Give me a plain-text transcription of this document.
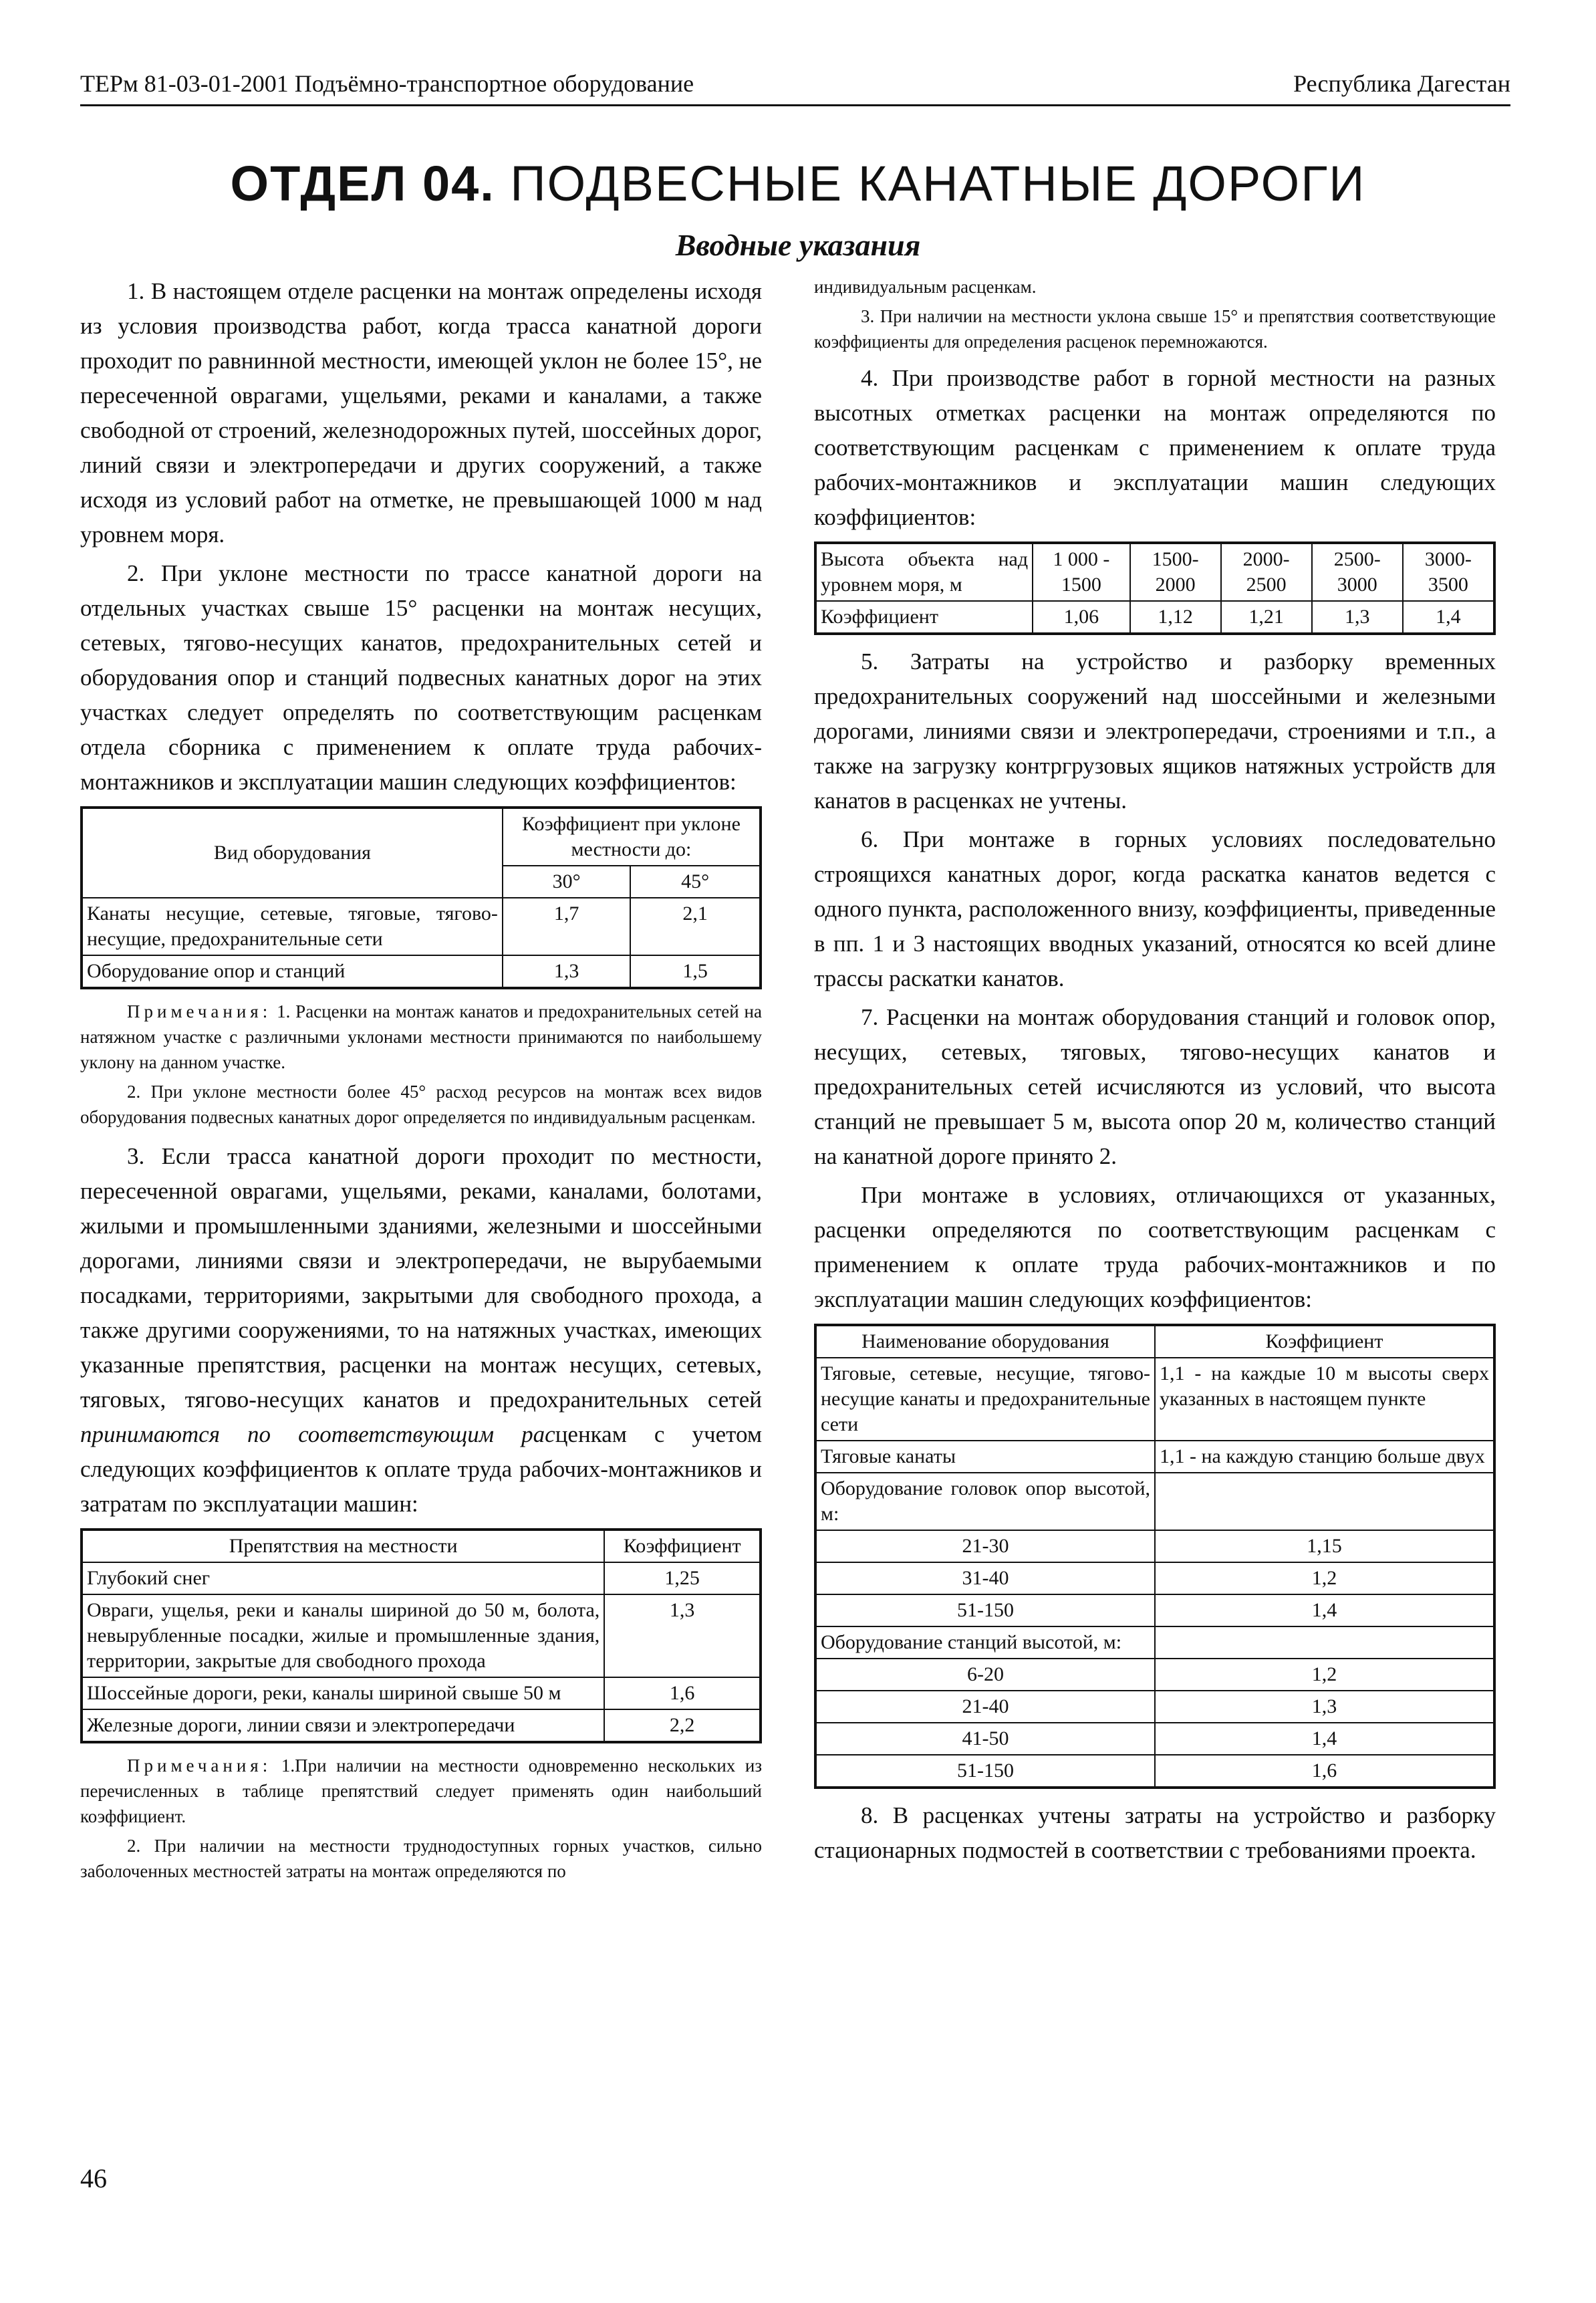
ТЕРм 81-03-01-2001 Подъёмно-транспортное оборудование	Республика Дагестан
ОТДЕЛ 04. ПОДВЕСНЫЕ КАНАТНЫЕ ДОРОГИ
Вводные указания

1. В настоящем отделе расценки на монтаж определены исходя из условия производства работ, когда трасса канатной дороги проходит по равнинной местности, имеющей уклон не более 15°, не пересеченной оврагами, ущельями, реками и каналами, а также свободной от строений, железнодорожных путей, шоссейных дорог, линий связи и электропередачи и других сооружений, а также исходя из условий работ на отметке, не превышающей 1000 м над уровнем моря.

2. При уклоне местности по трассе канатной дороги на отдельных участках свыше 15° расценки на монтаж несущих, сетевых, тягово-несущих канатов, предохранительных сетей и оборудования опор и станций подвесных канатных дорог на этих участках следует определять по соответствующим расценкам отдела сборника с применением к оплате труда рабочих-монтажников и эксплуатации машин следующих коэффициентов:

Вид оборудования	Коэффициент при уклоне местности до:	
	30°	45°
Канаты несущие, сетевые, тяговые, тягово-несущие, предохранительные сети	1,7	2,1
Оборудование опор и станций	1,3	1,5
Примечания: 1. Расценки на монтаж канатов и предохранительных сетей на натяжном участке с различными уклонами местности принимаются по наибольшему уклону на данном участке.
2. При уклоне местности более 45° расход ресурсов на монтаж всех видов оборудования подвесных канатных дорог определяется по индивидуальным расценкам.

3. Если трасса канатной дороги проходит по местности, пересеченной оврагами, ущельями, реками, каналами, болотами, жилыми и промышленными зданиями, железными и шоссейными дорогами, линиями связи и электропередачи, не вырубаемыми посадками, территориями, закрытыми для свободного прохода, а также другими сооружениями, то на натяжных участках, имеющих указанные препятствия, расценки на монтаж несущих, сетевых, тяговых, тягово-несущих канатов и предохранительных сетей принимаются по соответствующим расценкам с учетом следующих коэффициентов к оплате труда рабочих-монтажников и затратам по эксплуатации машин:

Препятствия на местности	Коэффициент
Глубокий снег	1,25
Овраги, ущелья, реки и каналы шириной до 50 м, болота, невырубленные посадки, жилые и промышленные здания, территории, закрытые для свободного прохода	1,3
Шоссейные дороги, реки, каналы шириной свыше 50 м	1,6
Железные дороги, линии связи и электропередачи	2,2
Примечания: 1.При наличии на местности одновременно нескольких из перечисленных в таблице препятствий следует применять один наибольший коэффициент.
2. При наличии на местности труднодоступных горных участков, сильно заболоченных местностей затраты на монтаж определяются по
индивидуальным расценкам.
3. При наличии на местности уклона свыше 15° и препятствия соответствующие коэффициенты для определения расценок перемножаются.

4. При производстве работ в горной местности на разных высотных отметках расценки на монтаж определяются по соответствующим расценкам с применением к оплате труда рабочих-монтажников и эксплуатации машин следующих коэффициентов:

Высота объекта над уровнем моря, м	1 000 - 1500	1500- 2000	2000- 2500	2500- 3000	3000- 3500
Коэффициент	1,06	1,12	1,21	1,3	1,4

5. Затраты на устройство и разборку временных предохранительных сооружений над шоссейными и железными дорогами, линиями связи и электропередачи, строениями и т.п., а также на загрузку контргрузовых ящиков натяжных устройств для канатов в расценках не учтены.

6. При монтаже в горных условиях последовательно строящихся канатных дорог, когда раскатка канатов ведется с одного пункта, расположенного внизу, коэффициенты, приведенные в пп. 1 и 3 настоящих вводных указаний, относятся ко всей длине трассы раскатки канатов.

7. Расценки на монтаж оборудования станций и головок опор, несущих, сетевых, тяговых, тягово-несущих канатов и предохранительных сетей исчисляются из условий, что высота станций не превышает 5 м, высота опор 20 м, количество станций на канатной дороге принято 2.

При монтаже в условиях, отличающихся от указанных, расценки определяются по соответствующим расценкам с применением к оплате труда рабочих-монтажников и по эксплуатации машин следующих коэффициентов:

Наименование оборудования	Коэффициент
Тяговые, сетевые, несущие, тягово-несущие канаты и предохранительные сети	1,1 - на каждые 10 м высоты сверх указанных в настоящем пункте
Тяговые канаты	1,1 - на каждую станцию больше двух
Оборудование головок опор высотой, м:	
21-30	1,15
31-40	1,2
51-150	1,4
Оборудование станций высотой, м:	
6-20	1,2
21-40	1,3
41-50	1,4
51-150	1,6

8. В расценках учтены затраты на устройство и разборку стационарных подмостей в соответствии с требованиями проекта.

46
